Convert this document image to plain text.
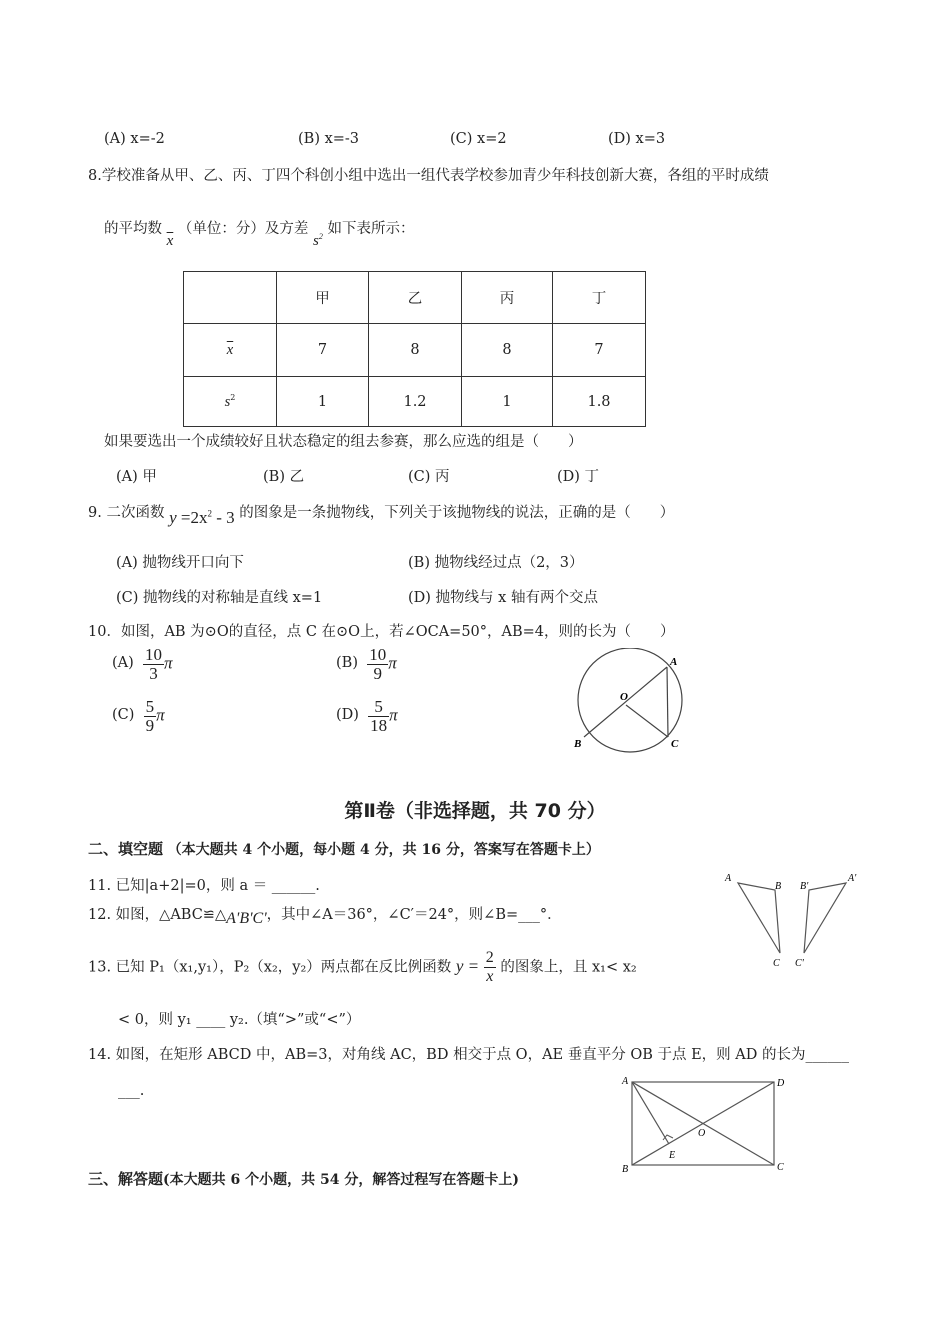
(A) x=-2	(B) x=-3	(C) x=2	(D) x=3
8.学校准备从甲、乙、丙、丁四个科创小组中选出一组代表学校参加青少年科技创新大赛，各组的平时成绩
的平均数 $\overline{x}$ （单位：分）及方差 $s^2$ 如下表所示：
	甲	乙	丙	丁
$\overline{x}$	7	8	8	7
$s^2$	1	1.2	1	1.8
如果要选出一个成绩较好且状态稳定的组去参赛，那么应选的组是（　　）
(A) 甲	(B) 乙	(C) 丙	(D) 丁
9. 二次函数 $y =2x^2 - 3$ 的图象是一条抛物线，下列关于该抛物线的说法，正确的是（　　）
(A) 抛物线开口向下	(B) 抛物线经过点（2，3）
(C) 抛物线的对称轴是直线 x=1	(D) 抛物线与 x 轴有两个交点
10．如图，AB 为⊙O的直径，点 C 在⊙O上，若∠OCA=50°，AB=4，则的长为（　　）
$(A) \frac{10}{3}$ π	$(B) \frac{10}{9}$ π
$(C) \frac{5}{9}$ π	$(D) \frac{5}{18}$ π
A
O
B	C
第Ⅱ卷（非选择题，共 70 分）
二、填空题 （本大题共 4 个小题，每小题 4 分，共 16 分，答案写在答题卡上）
11. 已知|a+2|=0，则 a ＝ ______.
12. 如图，△ABC≌△A'B'C'，其中∠A＝36°，∠C′＝24°，则∠B=___°．
A
B
C
A'
B'
C'
13. 已知 P₁（x₁,y₁），P₂（x₂，y₂）两点都在反比例函数 $y = \frac{2}{x}$ 的图象上，且 x₁< x₂
< 0，则 y₁ ____ y₂.（填“>”或“<”）
14. 如图，在矩形 ABCD 中，AB=3，对角线 AC，BD 相交于点 O，AE 垂直平分 OB 于点 E，则 AD 的长为______
___.
A	D
B	C
E
O
三、解答题(本大题共 6 个小题，共 54 分，解答过程写在答题卡上)
